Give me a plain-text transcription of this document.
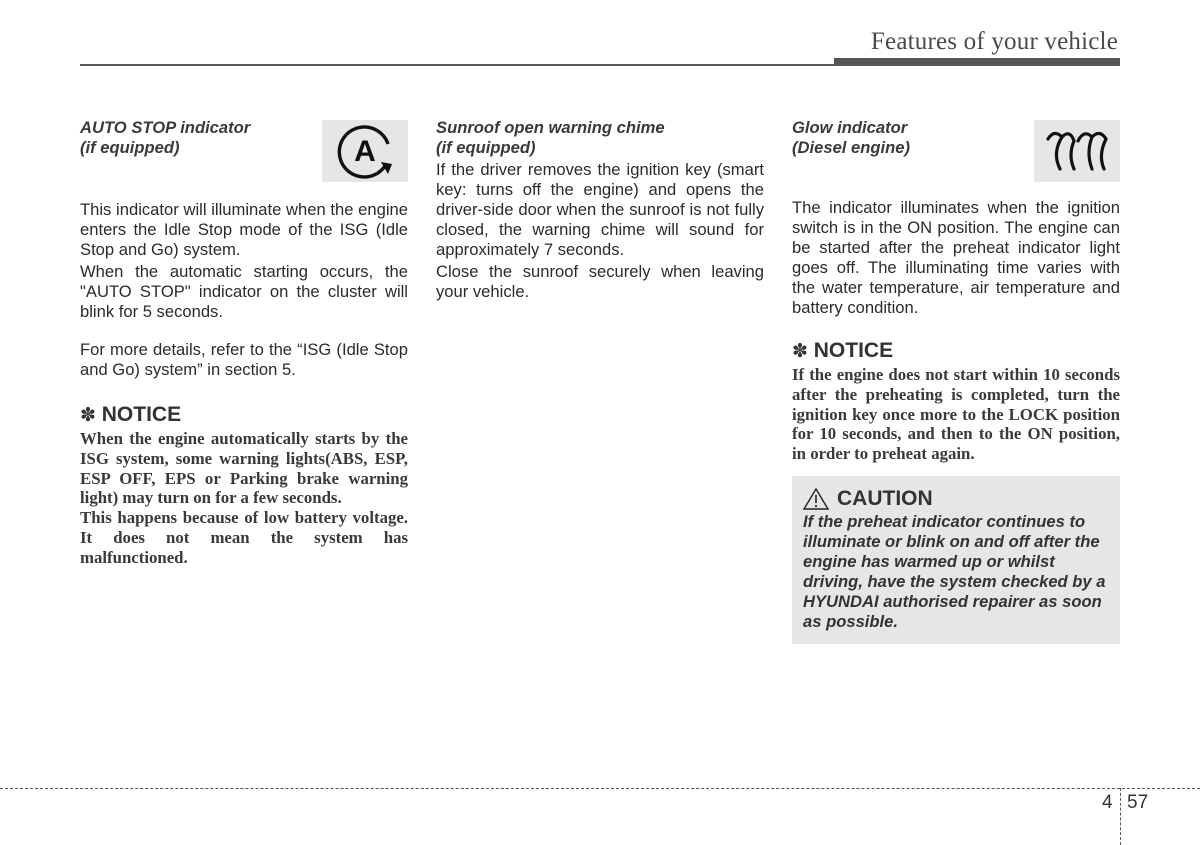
Features of your vehicle
AUTO STOP indicator
(if equipped)	A

This indicator will illuminate when the engine enters the Idle Stop mode of the ISG (Idle Stop and Go) system.

When the automatic starting occurs, the "AUTO STOP" indicator on the cluster will blink for 5 seconds.

For more details, refer to the “ISG (Idle Stop and Go) system” in section 5.

✽ NOTICE
When the engine automatically starts by the ISG system, some warning lights(ABS, ESP, ESP OFF, EPS or Parking brake warning light) may turn on for a few seconds.
This happens because of low battery voltage. It does not mean the system has malfunctioned.
Sunroof open warning chime
(if equipped)

If the driver removes the ignition key (smart key: turns off the engine) and opens the driver-side door when the sunroof is not fully closed, the warning chime will sound for approximately 7 seconds.

Close the sunroof securely when leaving your vehicle.

Glow indicator
(Diesel engine)

The indicator illuminates when the ignition switch is in the ON position. The engine can be started after the preheat indicator light goes off. The illuminating time varies with the water temperature, air temperature and battery condition.

✽ NOTICE
If the engine does not start within 10 seconds after the preheating is completed, turn the ignition key once more to the LOCK position for 10 seconds, and then to the ON position, in order to preheat again.
CAUTION
If the preheat indicator continues to illuminate or blink on and off after the engine has warmed up or whilst driving, have the system checked by a HYUNDAI authorised repairer as soon as possible.
4 57
